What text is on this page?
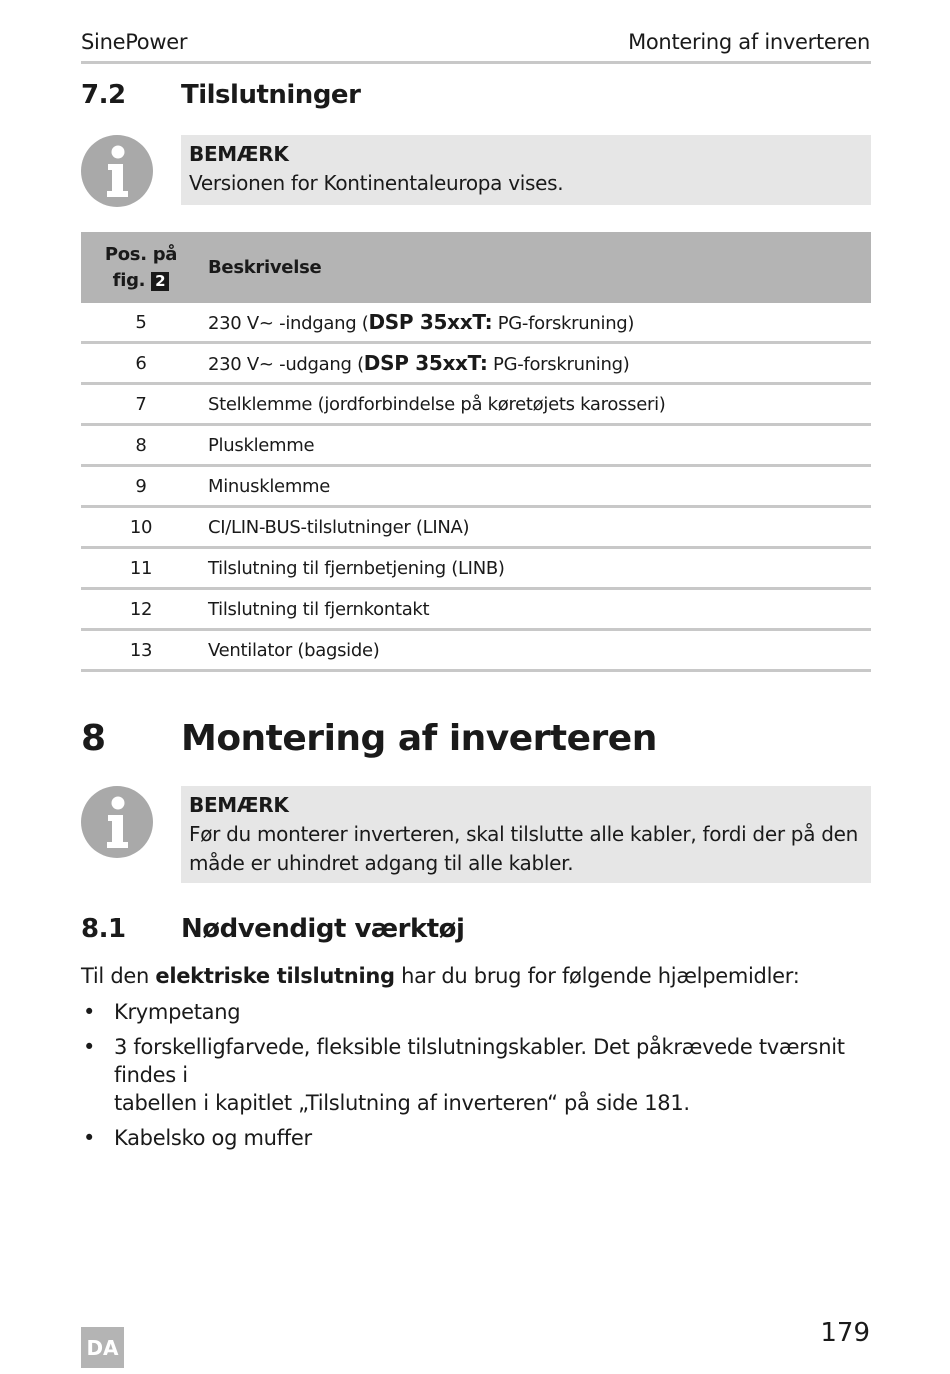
SinePower	Montering af inverteren
7.2 Tilslutninger
BEMÆRK
Versionen for Kontinentaleuropa vises.
Pos. på
fig. 2	Beskrivelse
5	230 V~ -indgang (DSP 35xxT: PG-forskruning)
6	230 V~ -udgang (DSP 35xxT: PG-forskruning)
7	Stelklemme (jordforbindelse på køretøjets karosseri)
8	Plusklemme
9	Minusklemme
10	CI/LIN-BUS-tilslutninger (LINA)
11	Tilslutning til fjernbetjening (LINB)
12	Tilslutning til fjernkontakt
13	Ventilator (bagside)
8 Montering af inverteren
BEMÆRK
Før du monterer inverteren, skal tilslutte alle kabler, fordi der på den
måde er uhindret adgang til alle kabler.
8.1 Nødvendigt værktøj
Til den elektriske tilslutning har du brug for følgende hjælpemidler:
• Krympetang
• 3 forskelligfarvede, fleksible tilslutningskabler. Det påkrævede tværsnit findes i
tabellen i kapitlet „Tilslutning af inverteren“ på side 181.
• Kabelsko og muffer
179
DA
